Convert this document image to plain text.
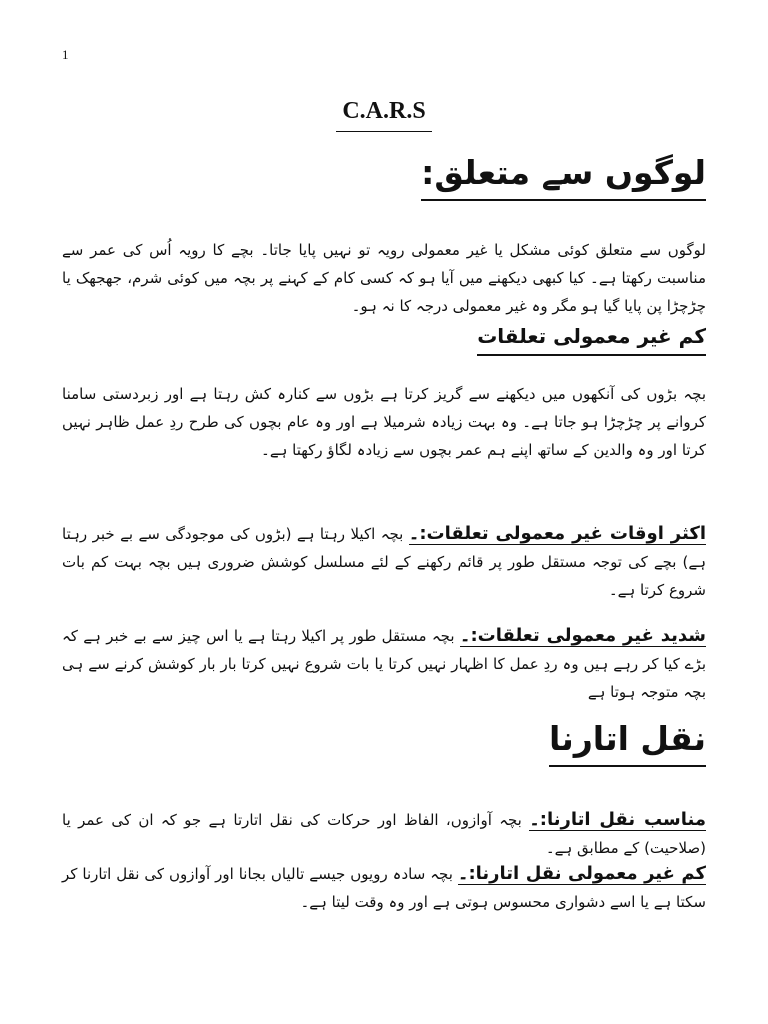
1
C.A.R.S
لوگوں سے متعلق:
لوگوں سے متعلق کوئی مشکل یا غیر معمولی رویہ تو نہیں پایا جاتا۔ بچے کا رویہ اُس کی عمر سے مناسبت رکھتا ہے۔ کیا کبھی دیکھنے میں آیا ہو کہ کسی کام کے کہنے پر بچہ میں کوئی شرم، جھجھک یا چڑچڑا پن پایا گیا ہو مگر وہ غیر معمولی درجہ کا نہ ہو۔
کم غیر معمولی تعلقات
بچہ بڑوں کی آنکھوں میں دیکھنے سے گریز کرتا ہے بڑوں سے کنارہ کش رہتا ہے اور زبردستی سامنا کروانے پر چڑچڑا ہو جاتا ہے۔ وہ بہت زیادہ شرمیلا ہے اور وہ عام بچوں کی طرح ردِ عمل ظاہر نہیں کرتا اور وہ والدین کے ساتھ اپنے ہم عمر بچوں سے زیادہ لگاؤ رکھتا ہے۔
اکثر اوقات غیر معمولی تعلقات:۔ بچہ اکیلا رہتا ہے (بڑوں کی موجودگی سے بے خبر رہتا ہے) بچے کی توجہ مستقل طور پر قائم رکھنے کے لئے مسلسل کوشش ضروری ہیں بچہ بہت کم بات شروع کرتا ہے۔
شدید غیر معمولی تعلقات:۔ بچہ مستقل طور پر اکیلا رہتا ہے یا اس چیز سے بے خبر ہے کہ بڑے کیا کر رہے ہیں وہ ردِ عمل کا اظہار نہیں کرتا یا بات شروع نہیں کرتا بار بار کوشش کرنے سے ہی بچہ متوجہ ہوتا ہے
نقل اتارنا
مناسب نقل اتارنا:۔ بچہ آوازوں، الفاظ اور حرکات کی نقل اتارتا ہے جو کہ ان کی عمر یا (صلاحیت) کے مطابق ہے۔
کم غیر معمولی نقل اتارنا:۔ بچہ سادہ رویوں جیسے تالیاں بجانا اور آوازوں کی نقل اتارنا کر سکتا ہے یا اسے دشواری محسوس ہوتی ہے اور وہ وقت لیتا ہے۔
